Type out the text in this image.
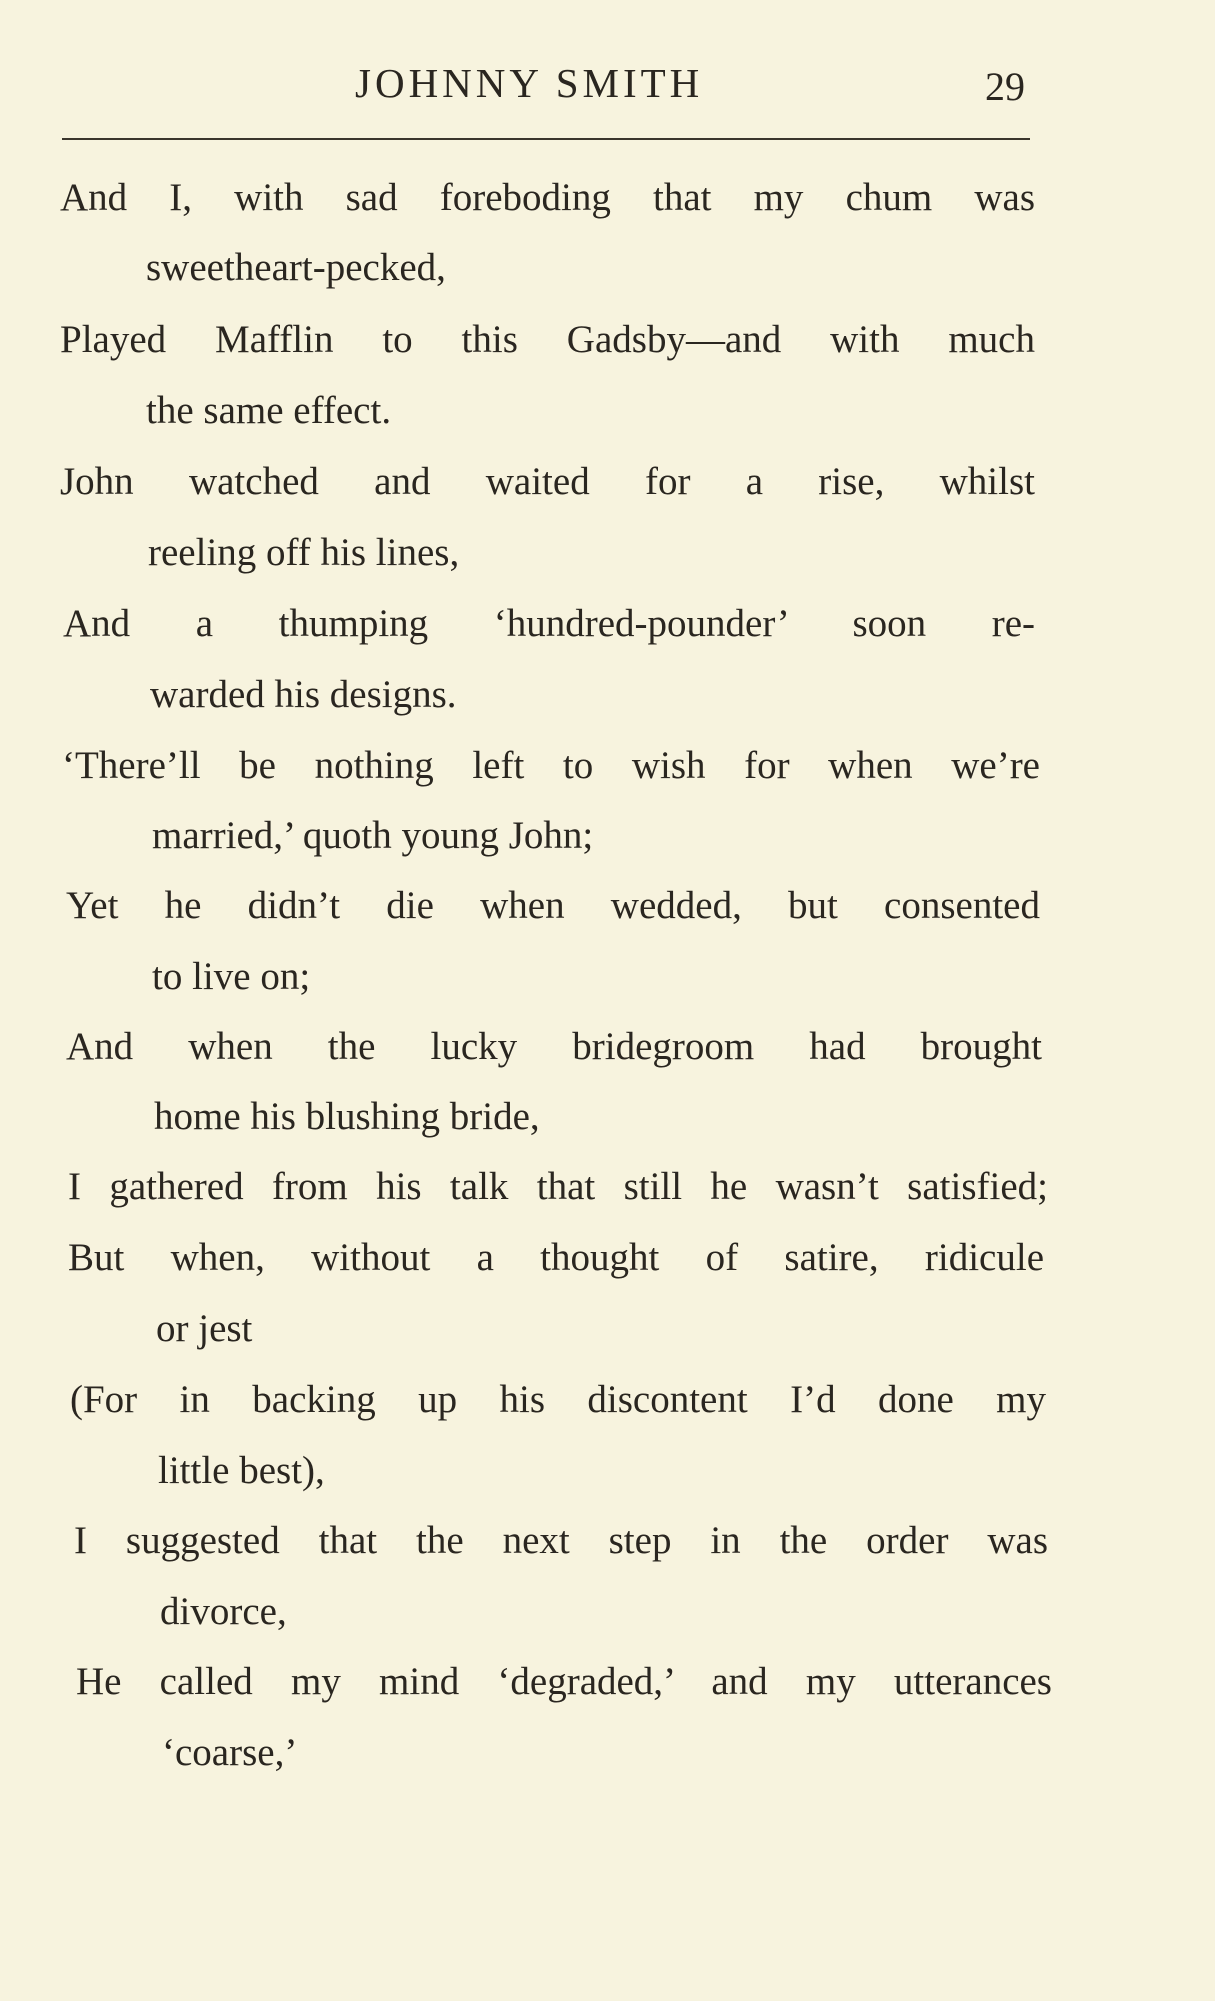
JOHNNY SMITH	29
And I, with sad foreboding that my chum was
sweetheart-pecked,
Played Mafflin to this Gadsby—and with much
the same effect.
John watched and waited for a rise, whilst
reeling off his lines,
And a thumping ‘hundred-pounder’ soon re-
warded his designs.
‘There’ll be nothing left to wish for when we’re
married,’ quoth young John;
Yet he didn’t die when wedded, but consented
to live on;
And when the lucky bridegroom had brought
home his blushing bride,
I gathered from his talk that still he wasn’t satisfied;
But when, without a thought of satire, ridicule
or jest
(For in backing up his discontent I’d done my
little best),
I suggested that the next step in the order was
divorce,
He called my mind ‘degraded,’ and my utterances
‘coarse,’
